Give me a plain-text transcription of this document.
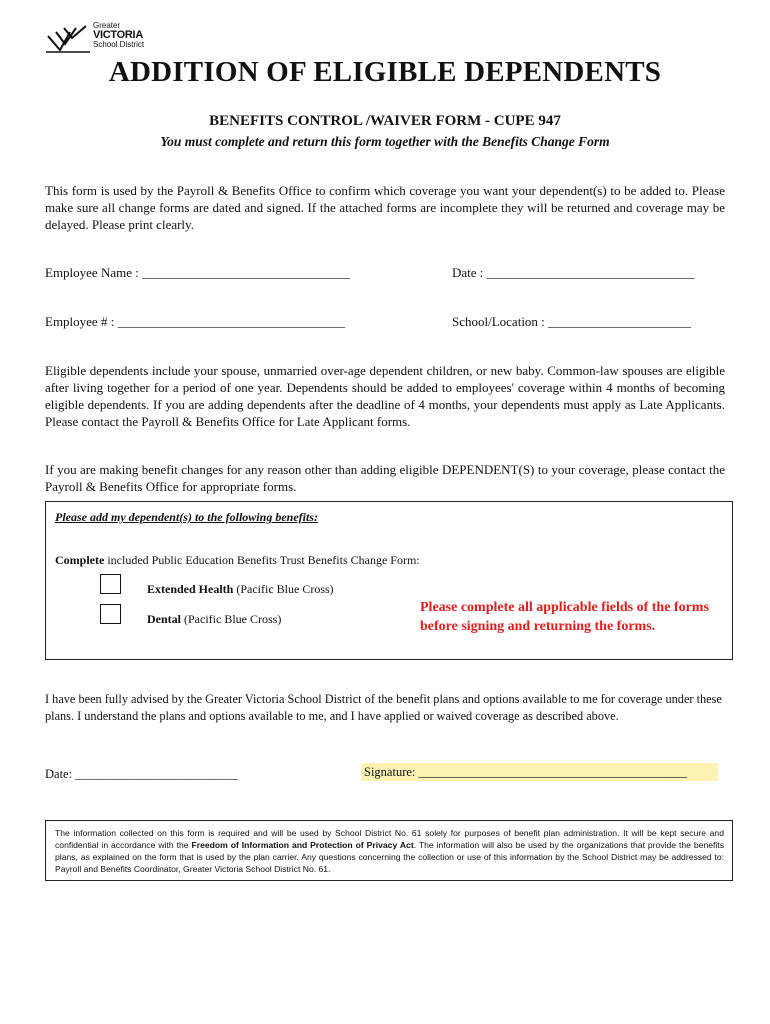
Greater
VICTORIA
School District
ADDITION OF ELIGIBLE DEPENDENTS

BENEFITS CONTROL /WAIVER FORM - CUPE 947

You must complete and return this form together with the Benefits Change Form

This form is used by the Payroll & Benefits Office to confirm which coverage you want your dependent(s) to be added to. Please make sure all change forms are dated and signed. If the attached forms are incomplete they will be returned and coverage may be delayed. Please print clearly.

Employee Name : ________________________________	Date : ________________________________

Employee # : ___________________________________	School/Location : ______________________

Eligible dependents include your spouse, unmarried over-age dependent children, or new baby. Common-law spouses are eligible after living together for a period of one year. Dependents should be added to employees' coverage within 4 months of becoming eligible dependents. If you are adding dependents after the deadline of 4 months, your dependents must apply as Late Applicants. Please contact the Payroll & Benefits Office for Late Applicant forms.

If you are making benefit changes for any reason other than adding eligible DEPENDENT(S) to your coverage, please contact the Payroll & Benefits Office for appropriate forms.

Please add my dependent(s) to the following benefits:

Complete included Public Education Benefits Trust Benefits Change Form:

Extended Health (Pacific Blue Cross)

Dental (Pacific Blue Cross)

Please complete all applicable fields of the forms before signing and returning the forms.

I have been fully advised by the Greater Victoria School District of the benefit plans and options available to me for coverage under these plans. I understand the plans and options available to me, and I have applied or waived coverage as described above.

Date: __________________________	Signature: ___________________________________________

The information collected on this form is required and will be used by School District No. 61 solely for purposes of benefit plan administration. It will be kept secure and confidential in accordance with the Freedom of Information and Protection of Privacy Act. The information will also be used by the organizations that provide the benefits plans, as explained on the form that is used by the plan carrier. Any questions concerning the collection or use of this information by the School District may be addressed to: Payroll and Benefits Coordinator, Greater Victoria School District No. 61.
